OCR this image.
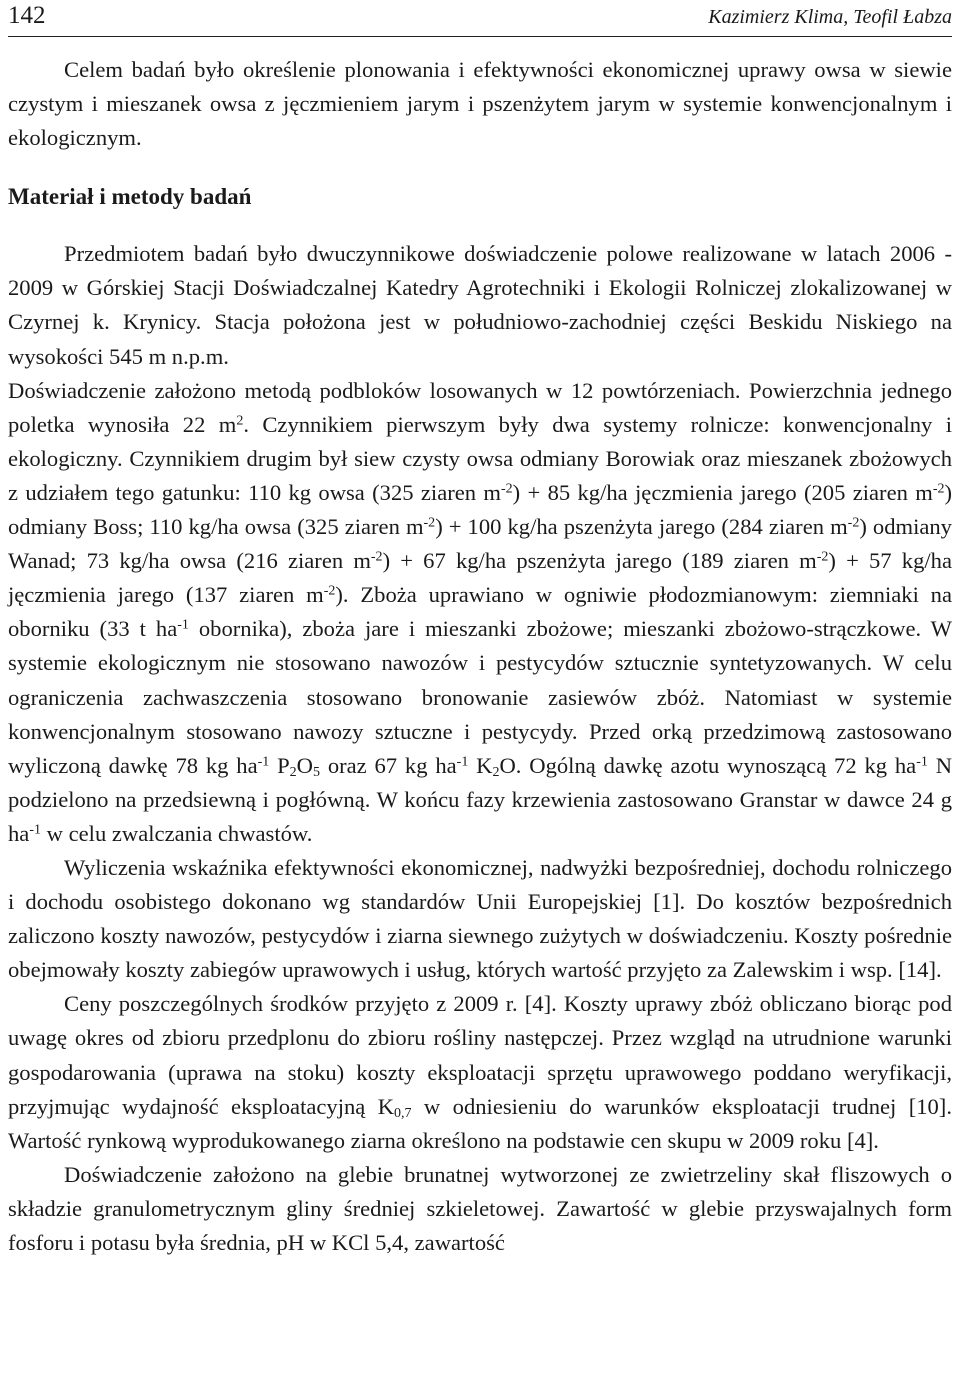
142	Kazimierz Klima, Teofil Łabza

Celem badań było określenie plonowania i efektywności ekonomicznej uprawy owsa w siewie czystym i mieszanek owsa z jęczmieniem jarym i pszenżytem jarym w systemie konwencjonalnym i ekologicznym.

Materiał i metody badań

Przedmiotem badań było dwuczynnikowe doświadczenie polowe realizowane w latach 2006 - 2009 w Górskiej Stacji Doświadczalnej Katedry Agrotechniki i Ekologii Rolniczej zlokalizowanej w Czyrnej k. Krynicy. Stacja położona jest w południowo-zachodniej części Beskidu Niskiego na wysokości 545 m n.p.m.

Doświadczenie założono metodą podbloków losowanych w 12 powtórzeniach. Powierzchnia jednego poletka wynosiła 22 $m^2$. Czynnikiem pierwszym były dwa systemy rolnicze: konwencjonalny i ekologiczny. Czynnikiem drugim był siew czysty owsa odmiany Borowiak oraz mieszanek zbożowych z udziałem tego gatunku: 110 kg owsa (325 ziaren $m^{-2}) + 85$ kg/ha jęczmienia jarego (205 ziaren $m^{-2}$) odmiany Boss; 110 kg/ha owsa (325 ziaren $m^{-2}) + 100$ kg/ha pszenżyta jarego (284 ziaren $m^{-2}$) odmiany Wanad; 73 kg/ha owsa (216 ziaren $m^{-2}) + 67$ kg/ha pszenżyta jarego (189 ziaren $m^{-2}) + 57$ kg/ha jęczmienia jarego (137 ziaren $m^{-2}$). Zboża uprawiano w ogniwie płodozmianowym: ziemniaki na oborniku (33 t $ha^{-1}$ obornika), zboża jare i mieszanki zbożowe; mieszanki zbożowo-strączkowe. W systemie ekologicznym nie stosowano nawozów i pestycydów sztucznie syntetyzowanych. W celu ograniczenia zachwaszczenia stosowano bronowanie zasiewów zbóż. Natomiast w systemie konwencjonalnym stosowano nawozy sztuczne i pestycydy. Przed orką przedzimową zastosowano wyliczoną dawkę 78 kg $ha^{-1}$ $P_2O_5$ oraz 67 kg $ha^{-1}$ $K_2O$. Ogólną dawkę azotu wynoszącą 72 kg $ha^{-1}$ N podzielono na przedsiewną i pogłówną. W końcu fazy krzewienia zastosowano Granstar w dawce 24 g $ha^{-1}$ w celu zwalczania chwastów.

Wyliczenia wskaźnika efektywności ekonomicznej, nadwyżki bezpośredniej, dochodu rolniczego i dochodu osobistego dokonano wg standardów Unii Europejskiej [1]. Do kosztów bezpośrednich zaliczono koszty nawozów, pestycydów i ziarna siewnego zużytych w doświadczeniu. Koszty pośrednie obejmowały koszty zabiegów uprawowych i usług, których wartość przyjęto za Zalewskim i wsp. [14].

Ceny poszczególnych środków przyjęto z 2009 r. [4]. Koszty uprawy zbóż obliczano biorąc pod uwagę okres od zbioru przedplonu do zbioru rośliny następczej. Przez wzgląd na utrudnione warunki gospodarowania (uprawa na stoku) koszty eksploatacji sprzętu uprawowego poddano weryfikacji, przyjmując wydajność eksploatacyjną $K_{0,7}$ w odniesieniu do warunków eksploatacji trudnej [10]. Wartość rynkową wyprodukowanego ziarna określono na podstawie cen skupu w 2009 roku [4].

Doświadczenie założono na glebie brunatnej wytworzonej ze zwietrzeliny skał fliszowych o składzie granulometrycznym gliny średniej szkieletowej. Zawartość w glebie przyswajalnych form fosforu i potasu była średnia, pH w KCl 5,4, zawartość
